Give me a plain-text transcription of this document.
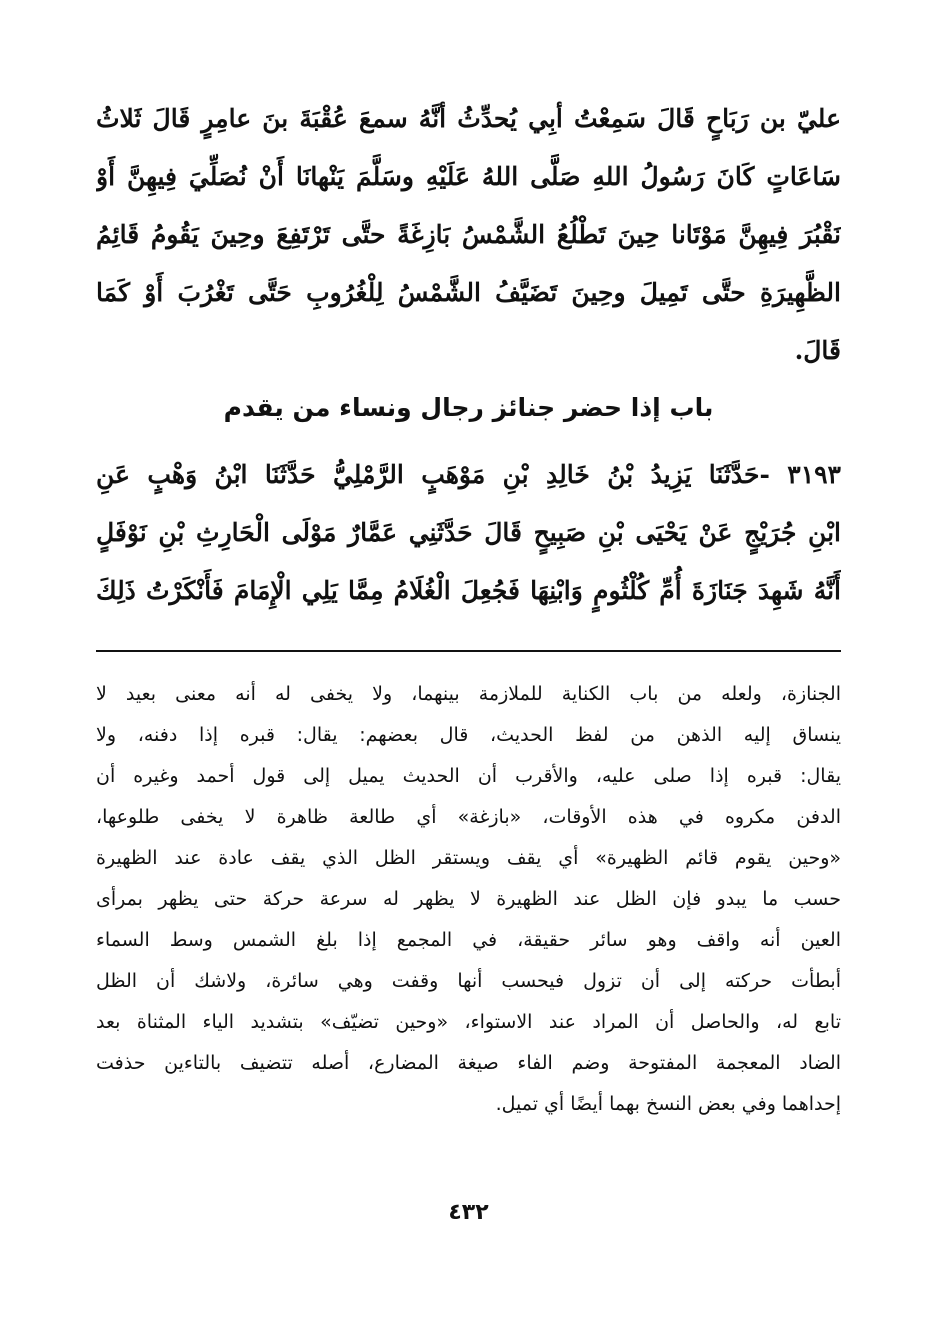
عليّ بن رَبَاحٍ قَالَ سَمِعْتُ أبِي يُحدِّثُ أنَّهُ سمعَ عُقْبَةَ بنَ عامِرٍ قَالَ ثَلاثُ
سَاعَاتٍ كَانَ رَسُولُ اللهِ صَلَّى اللهُ عَلَيْهِ وسَلَّمَ يَنْهانَا أَنْ نُصَلِّيَ فِيهِنَّ أَوْ
نَقْبُرَ فِيهِنَّ مَوْتَانا حِينَ تَطْلُعُ الشَّمْسُ بَازِغَةً حتَّى تَرْتَفِعَ وحِينَ يَقُومُ قَائِمُ
الظَّهِيرَةِ حتَّى تَمِيلَ وحِينَ تَضَيَّفُ الشَّمْسُ لِلْغُرُوبِ حَتَّى تَغْرُبَ أَوْ كَمَا
قَالَ.
باب إذا حضر جنائز رجال ونساء من يقدم
٣١٩٣ -حَدَّثَنَا يَزِيدُ بْنُ خَالِدِ بْنِ مَوْهَبٍ الرَّمْلِيُّ حَدَّثَنَا ابْنُ وَهْبٍ عَنِ
ابْنِ جُرَيْجٍ عَنْ يَحْيَى بْنِ صَبِيحٍ قَالَ حَدَّثَنِي عَمَّارٌ مَوْلَى الْحَارِثِ بْنِ نَوْفَلٍ
أَنَّهُ شَهِدَ جَنَازَةَ أُمِّ كُلْثُومٍ وَابْنِهَا فَجُعِلَ الْغُلَامُ مِمَّا يَلِي الْإِمَامَ فَأَنْكَرْتُ ذَلِكَ
الجنازة، ولعله من باب الكناية للملازمة بينهما، ولا يخفى له أنه معنى بعيد لا
ينساق إليه الذهن من لفظ الحديث، قال بعضهم: يقال: قبره إذا دفنه، ولا
يقال: قبره إذا صلى عليه، والأقرب أن الحديث يميل إلى قول أحمد وغيره أن
الدفن مكروه في هذه الأوقات، «بازغة» أي طالعة ظاهرة لا يخفى طلوعها،
«وحين يقوم قائم الظهيرة» أي يقف ويستقر الظل الذي يقف عادة عند الظهيرة
حسب ما يبدو فإن الظل عند الظهيرة لا يظهر له سرعة حركة حتى يظهر بمرأى
العين أنه واقف وهو سائر حقيقة، في المجمع إذا بلغ الشمس وسط السماء
أبطأت حركته إلى أن تزول فيحسب أنها وقفت وهي سائرة، ولاشك أن الظل
تابع له، والحاصل أن المراد عند الاستواء، «وحين تضيّف» بتشديد الياء المثناة بعد
الضاد المعجمة المفتوحة وضم الفاء صيغة المضارع، أصله تتضيف بالتاءين حذفت
إحداهما وفي بعض النسخ بهما أيضًا أي تميل.
٤٣٢
